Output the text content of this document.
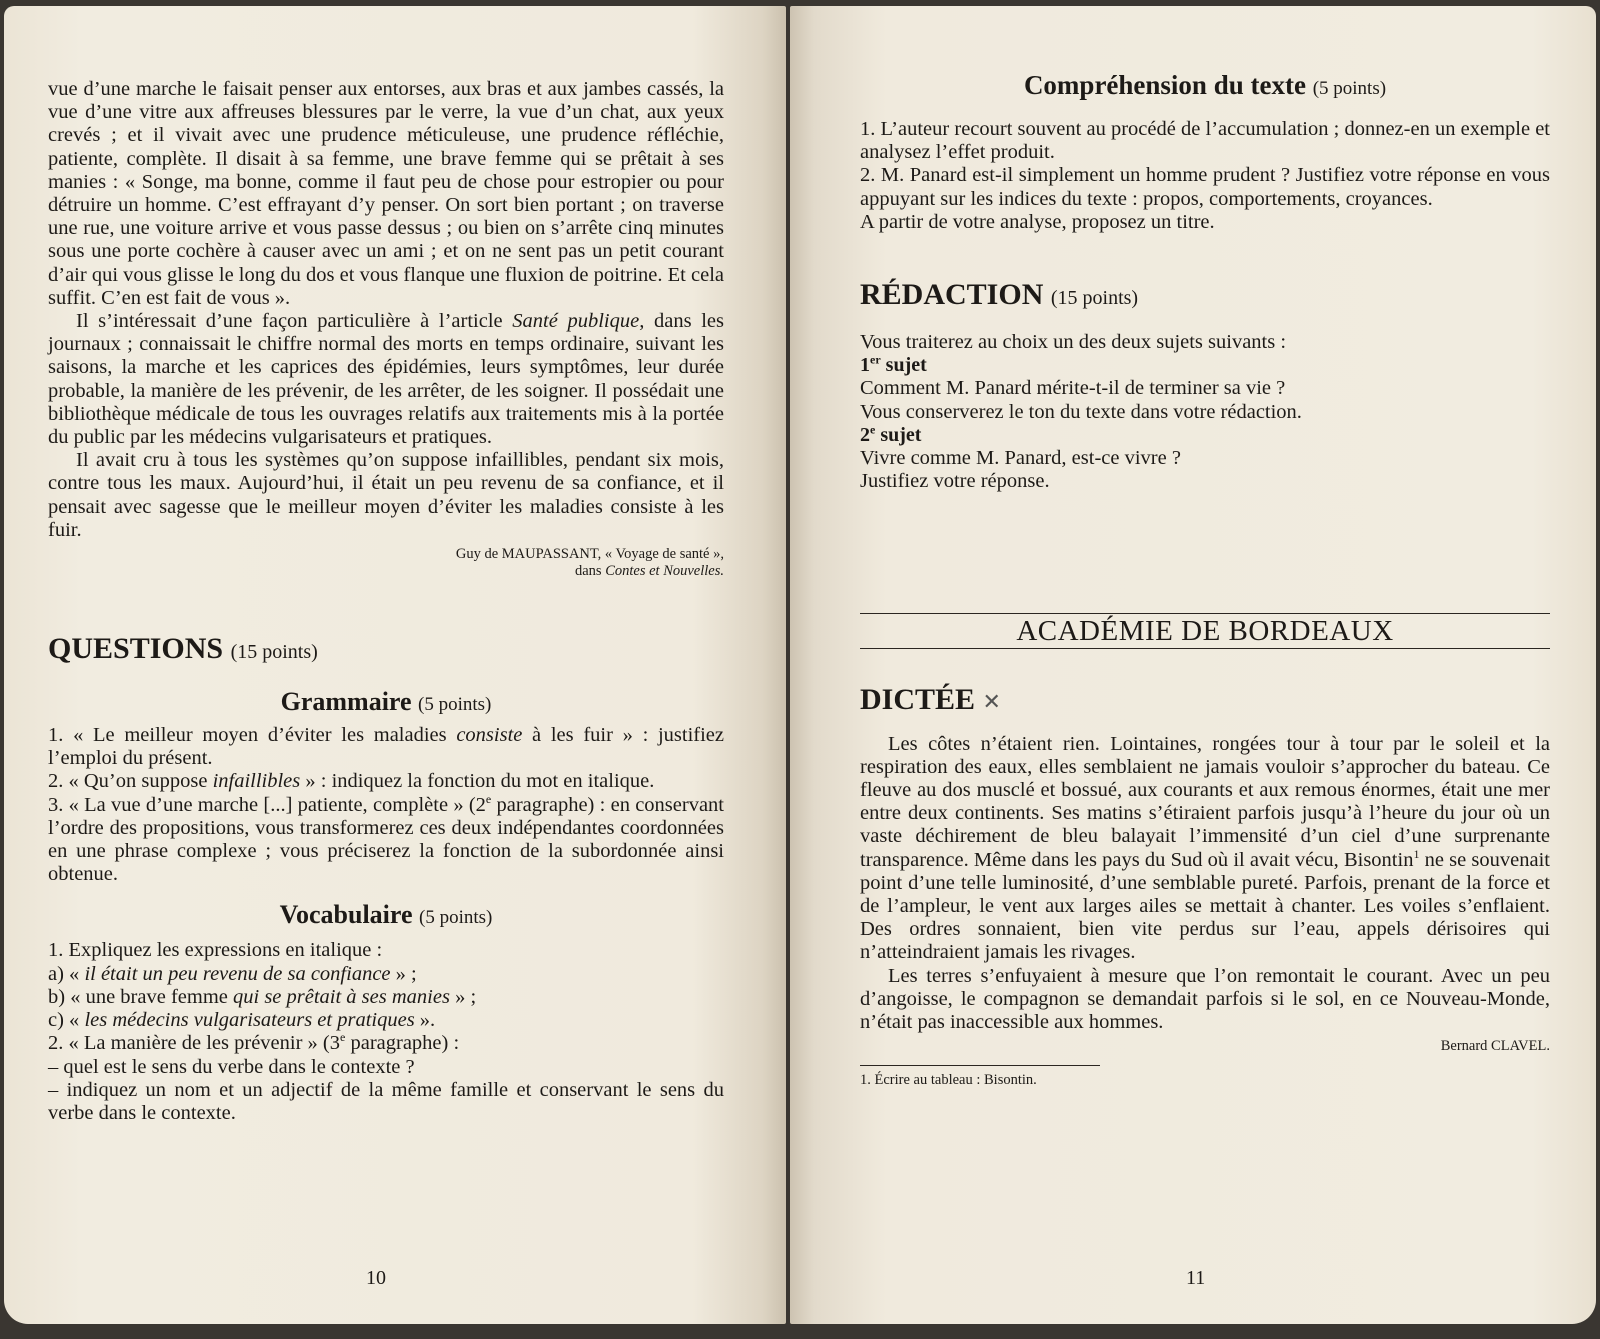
vue d’une marche le faisait penser aux entorses, aux bras et aux jambes cassés, la vue d’une vitre aux affreuses blessures par le verre, la vue d’un chat, aux yeux crevés ; et il vivait avec une prudence méticuleuse, une prudence réfléchie, patiente, complète. Il disait à sa femme, une brave femme qui se prêtait à ses manies : « Songe, ma bonne, comme il faut peu de chose pour estropier ou pour détruire un homme. C’est effrayant d’y penser. On sort bien portant ; on traverse une rue, une voiture arrive et vous passe dessus ; ou bien on s’arrête cinq minutes sous une porte cochère à causer avec un ami ; et on ne sent pas un petit courant d’air qui vous glisse le long du dos et vous flanque une fluxion de poitrine. Et cela suffit. C’en est fait de vous ».

Il s’intéressait d’une façon particulière à l’article Santé publique, dans les journaux ; connaissait le chiffre normal des morts en temps ordinaire, suivant les saisons, la marche et les caprices des épidémies, leurs symptômes, leur durée probable, la manière de les prévenir, de les arrêter, de les soigner. Il possédait une bibliothèque médicale de tous les ouvrages relatifs aux traitements mis à la portée du public par les médecins vulgarisateurs et pratiques.

Il avait cru à tous les systèmes qu’on suppose infaillibles, pendant six mois, contre tous les maux. Aujourd’hui, il était un peu revenu de sa confiance, et il pensait avec sagesse que le meilleur moyen d’éviter les maladies consiste à les fuir.

Guy de MAUPASSANT, « Voyage de santé »,
dans Contes et Nouvelles.

QUESTIONS (15 points)

Grammaire (5 points)

1. « Le meilleur moyen d’éviter les maladies consiste à les fuir » : justifiez l’emploi du présent.

2. « Qu’on suppose infaillibles » : indiquez la fonction du mot en italique.

3. « La vue d’une marche [...] patiente, complète » (2e paragraphe) : en conservant l’ordre des propositions, vous transformerez ces deux indépendantes coordonnées en une phrase complexe ; vous préciserez la fonction de la subordonnée ainsi obtenue.

Vocabulaire (5 points)

1. Expliquez les expressions en italique :

a) « il était un peu revenu de sa confiance » ;

b) « une brave femme qui se prêtait à ses manies » ;

c) « les médecins vulgarisateurs et pratiques ».

2. « La manière de les prévenir » (3e paragraphe) :

– quel est le sens du verbe dans le contexte ?

– indiquez un nom et un adjectif de la même famille et conservant le sens du verbe dans le contexte.

10

Compréhension du texte (5 points)

1. L’auteur recourt souvent au procédé de l’accumulation ; donnez-en un exemple et analysez l’effet produit.

2. M. Panard est-il simplement un homme prudent ? Justifiez votre réponse en vous appuyant sur les indices du texte : propos, comportements, croyances.

A partir de votre analyse, proposez un titre.

RÉDACTION (15 points)

Vous traiterez au choix un des deux sujets suivants :

1er sujet

Comment M. Panard mérite-t-il de terminer sa vie ?

Vous conserverez le ton du texte dans votre rédaction.

2e sujet

Vivre comme M. Panard, est-ce vivre ?

Justifiez votre réponse.

ACADÉMIE DE BORDEAUX

DICTÉE ✕

Les côtes n’étaient rien. Lointaines, rongées tour à tour par le soleil et la respiration des eaux, elles semblaient ne jamais vouloir s’approcher du bateau. Ce fleuve au dos musclé et bossué, aux courants et aux remous énormes, était une mer entre deux continents. Ses matins s’étiraient parfois jusqu’à l’heure du jour où un vaste déchirement de bleu balayait l’immensité d’un ciel d’une surprenante transparence. Même dans les pays du Sud où il avait vécu, Bisontin$^1$ ne se souvenait point d’une telle luminosité, d’une semblable pureté. Parfois, prenant de la force et de l’ampleur, le vent aux larges ailes se mettait à chanter. Les voiles s’enflaient. Des ordres sonnaient, bien vite perdus sur l’eau, appels dérisoires qui n’atteindraient jamais les rivages.

Les terres s’enfuyaient à mesure que l’on remontait le courant. Avec un peu d’angoisse, le compagnon se demandait parfois si le sol, en ce Nouveau-Monde, n’était pas inaccessible aux hommes.

Bernard CLAVEL.
1. Écrire au tableau : Bisontin.
11
